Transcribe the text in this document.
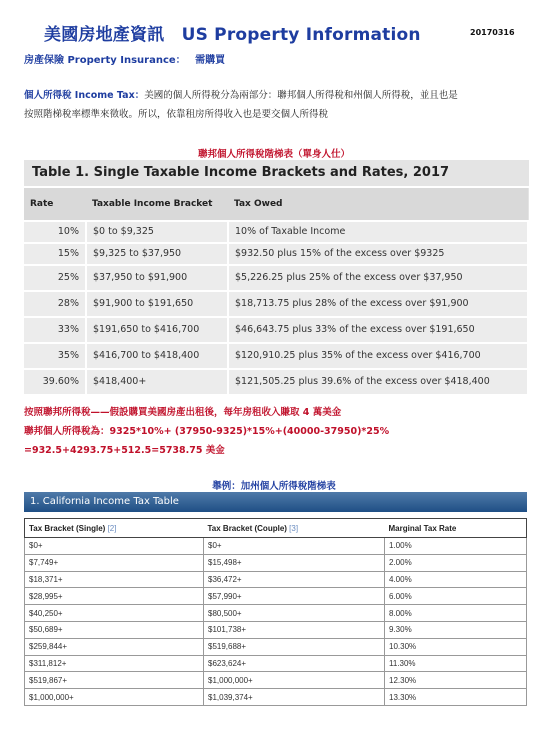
美國房地產資訊　US Property Information	20170316
房產保險 Property Insurance： 需購買
個人所得稅 Income Tax：美國的個人所得稅分為兩部分：聯邦個人所得稅和州個人所得稅，並且也是
按照階梯稅率標準來徵收。所以，依靠租房所得收入也是要交個人所得稅
聯邦個人所得稅階梯表（單身人仕）
Table 1. Single Taxable Income Brackets and Rates, 2017
Rate	Taxable Income Bracket	Tax Owed
10%	$0 to $9,325	10% of Taxable Income
15%	$9,325 to $37,950	$932.50 plus 15% of the excess over $9325
25%	$37,950 to $91,900	$5,226.25 plus 25% of the excess over $37,950
28%	$91,900 to $191,650	$18,713.75 plus 28% of the excess over $91,900
33%	$191,650 to $416,700	$46,643.75 plus 33% of the excess over $191,650
35%	$416,700 to $418,400	$120,910.25 plus 35% of the excess over $416,700
39.60%	$418,400+	$121,505.25 plus 39.6% of the excess over $418,400
按照聯邦所得稅——假設購買美國房產出租後，每年房租收入賺取 4 萬美金
聯邦個人所得稅為：9325*10%+ (37950-9325)*15%+(40000-37950)*25%
=932.5+4293.75+512.5=5738.75 美金
舉例：加州個人所得稅階梯表
1. California Income Tax Table
Tax Bracket (Single) [2]	Tax Bracket (Couple) [3]	Marginal Tax Rate
$0+	$0+	1.00%
$7,749+	$15,498+	2.00%
$18,371+	$36,472+	4.00%
$28,995+	$57,990+	6.00%
$40,250+	$80,500+	8.00%
$50,689+	$101,738+	9.30%
$259,844+	$519,688+	10.30%
$311,812+	$623,624+	11.30%
$519,867+	$1,000,000+	12.30%
$1,000,000+	$1,039,374+	13.30%
